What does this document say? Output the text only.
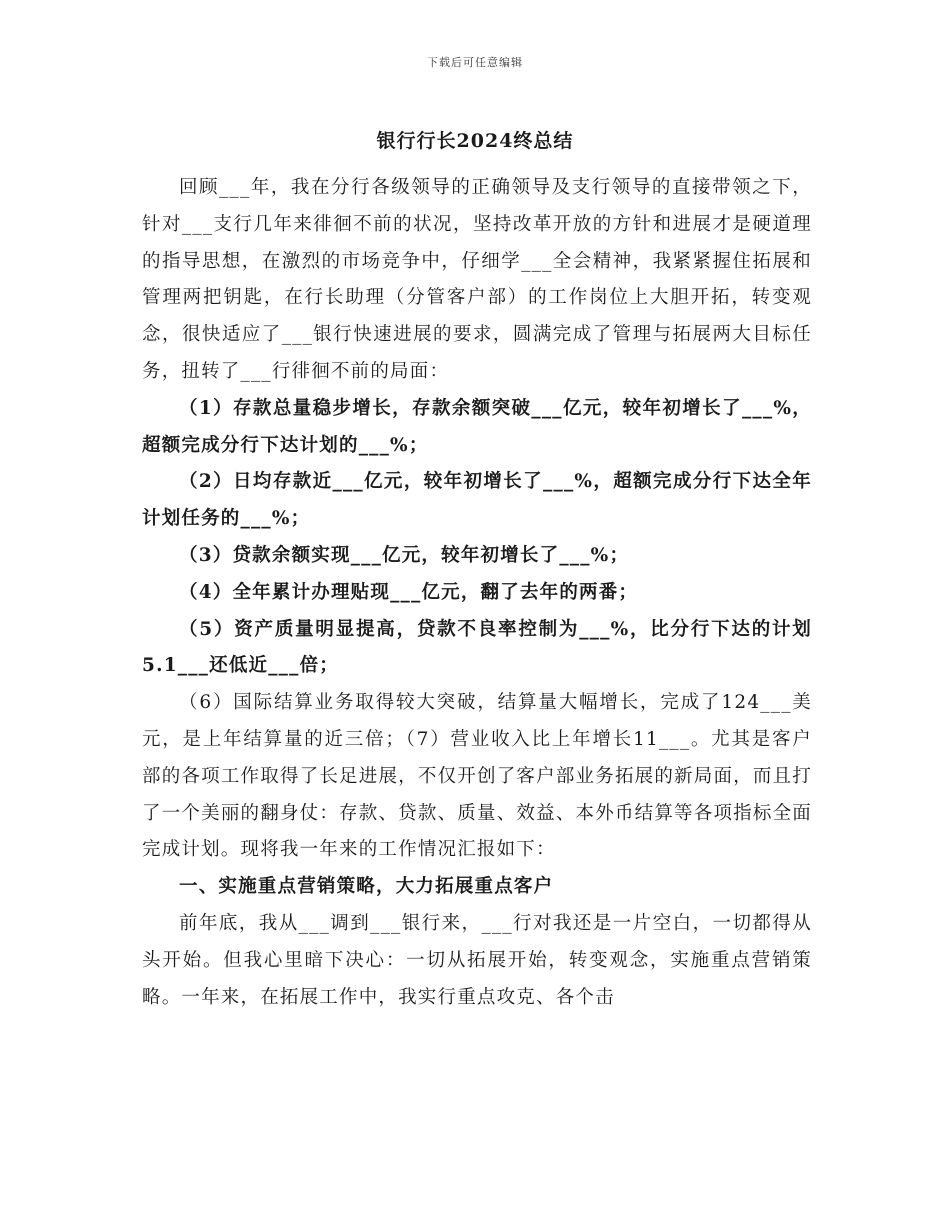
下载后可任意编辑
银行行长2024终总结

回顾___年，我在分行各级领导的正确领导及支行领导的直接带领之下，针对___支行几年来徘徊不前的状况，坚持改革开放的方针和进展才是硬道理的指导思想，在激烈的市场竞争中，仔细学___全会精神，我紧紧握住拓展和管理两把钥匙，在行长助理（分管客户部）的工作岗位上大胆开拓，转变观念，很快适应了___银行快速进展的要求，圆满完成了管理与拓展两大目标任务，扭转了___行徘徊不前的局面：

（1）存款总量稳步增长，存款余额突破___亿元，较年初增长了___%，超额完成分行下达计划的___%；

（2）日均存款近___亿元，较年初增长了___%，超额完成分行下达全年计划任务的___%；

（3）贷款余额实现___亿元，较年初增长了___%；

（4）全年累计办理贴现___亿元，翻了去年的两番；

（5）资产质量明显提高，贷款不良率控制为___%，比分行下达的计划5.1___还低近___倍；

（6）国际结算业务取得较大突破，结算量大幅增长，完成了124___美元，是上年结算量的近三倍；（7）营业收入比上年增长11___。尤其是客户部的各项工作取得了长足进展，不仅开创了客户部业务拓展的新局面，而且打了一个美丽的翻身仗：存款、贷款、质量、效益、本外币结算等各项指标全面完成计划。现将我一年来的工作情况汇报如下：

一、实施重点营销策略，大力拓展重点客户

前年底，我从___调到___银行来，___行对我还是一片空白，一切都得从头开始。但我心里暗下决心：一切从拓展开始，转变观念，实施重点营销策略。一年来，在拓展工作中，我实行重点攻克、各个击
